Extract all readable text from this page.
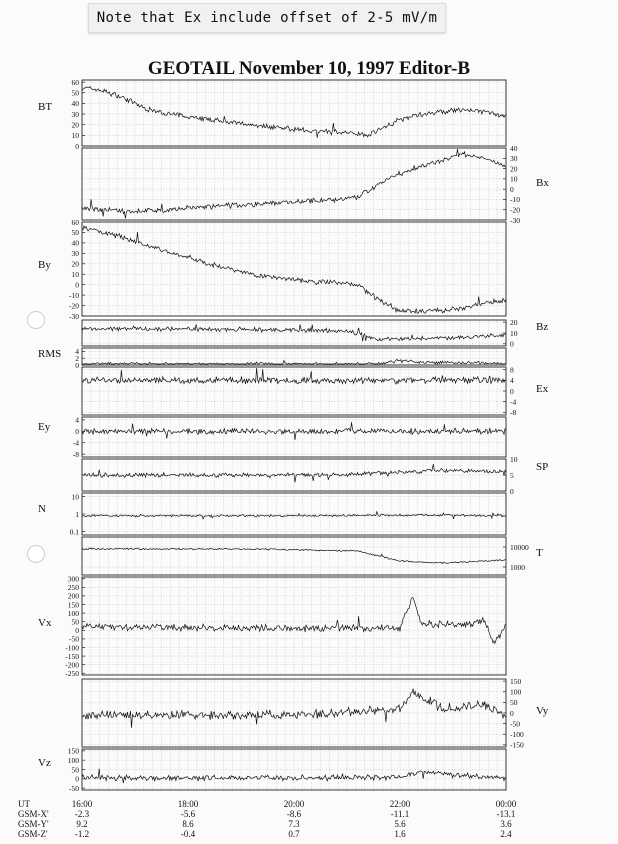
Note that Ex include offset of 2-5 mV/m
GEOTAIL November 10, 1997 Editor-B
60
50
40
30
20
10
0
BT
40
30
20
10
0
-10
-20
-30
Bx
60
50
40
30
20
10
0
-10
-20
-30
By
20
10
0
Bz
4
2
0
RMS
8
4
0
-4
-8
Ex
4
0
-4
-8
Ey
10
5
0
SP
10
1
0.1
N
10000
1000
T
300
250
200
150
100
50
0
-50
-100
-150
-200
-250
Vx
150
100
50
0
-50
-100
-150
Vy
150
100
50
0
-50
Vz
UT	16:00	18:00	20:00	22:00	00:00
GSM-X'	-2.3	-5.6	-8.6	-11.1	-13.1
GSM-Y'	9.2	8.6	7.3	5.6	3.6
GSM-Z'	-1.2	-0.4	0.7	1.6	2.4
